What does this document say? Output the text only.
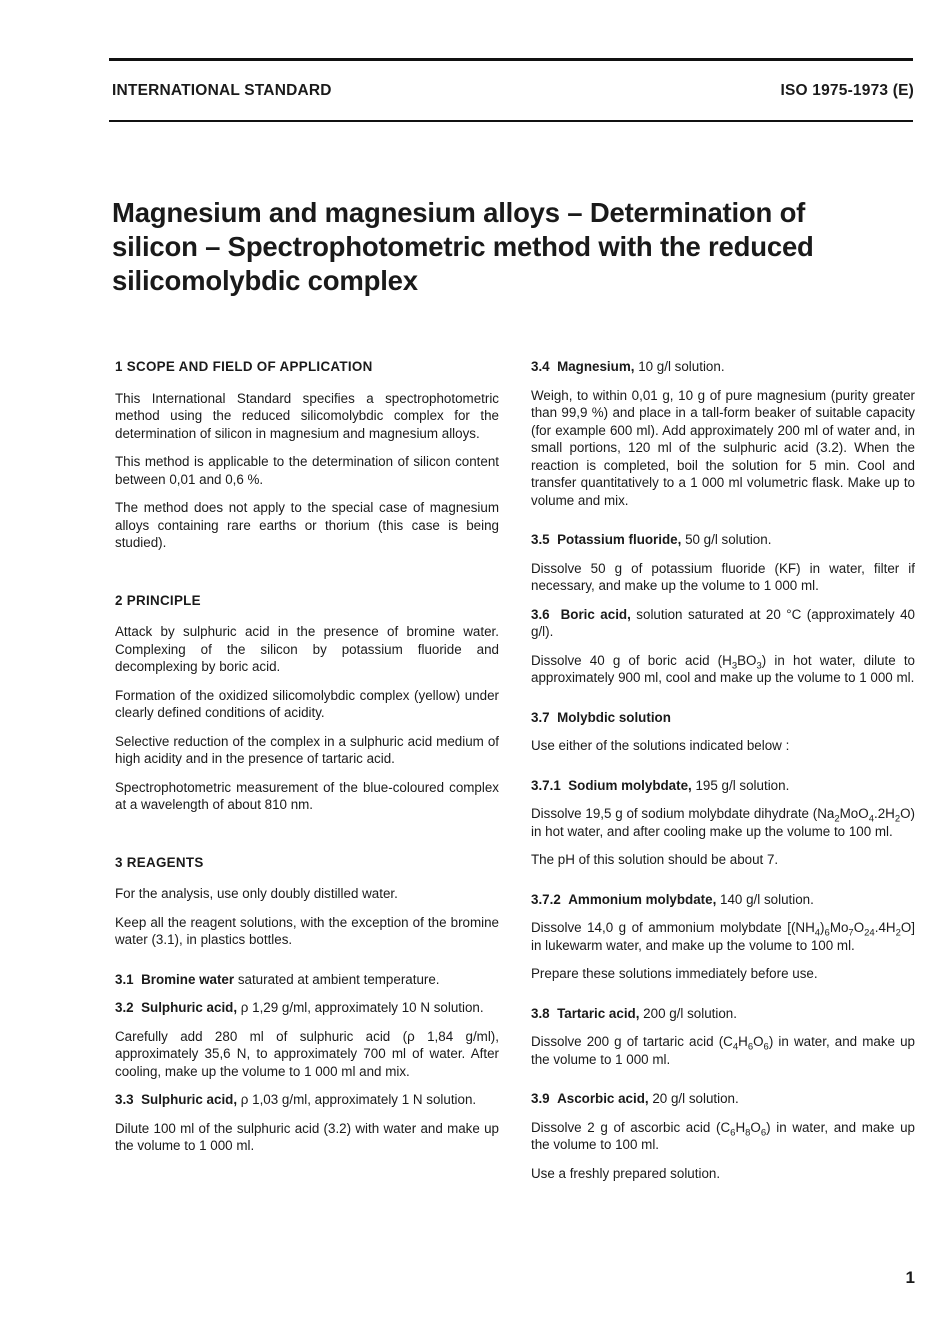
INTERNATIONAL STANDARD	ISO 1975-1973 (E)
Magnesium and magnesium alloys – Determination of silicon – Spectrophotometric method with the reduced silicomolybdic complex
1 SCOPE AND FIELD OF APPLICATION

This International Standard specifies a spectrophotometric method using the reduced silicomolybdic complex for the determination of silicon in magnesium and magnesium alloys.

This method is applicable to the determination of silicon content between 0,01 and 0,6 %.

The method does not apply to the special case of magnesium alloys containing rare earths or thorium (this case is being studied).

2 PRINCIPLE

Attack by sulphuric acid in the presence of bromine water. Complexing of the silicon by potassium fluoride and decomplexing by boric acid.

Formation of the oxidized silicomolybdic complex (yellow) under clearly defined conditions of acidity.

Selective reduction of the complex in a sulphuric acid medium of high acidity and in the presence of tartaric acid.

Spectrophotometric measurement of the blue-coloured complex at a wavelength of about 810 nm.

3 REAGENTS

For the analysis, use only doubly distilled water.

Keep all the reagent solutions, with the exception of the bromine water (3.1), in plastics bottles.

3.1 Bromine water saturated at ambient temperature.

3.2 Sulphuric acid, ρ 1,29 g/ml, approximately 10 N solution.

Carefully add 280 ml of sulphuric acid (ρ 1,84 g/ml), approximately 35,6 N, to approximately 700 ml of water. After cooling, make up the volume to 1 000 ml and mix.

3.3 Sulphuric acid, ρ 1,03 g/ml, approximately 1 N solution.

Dilute 100 ml of the sulphuric acid (3.2) with water and make up the volume to 1 000 ml.

3.4 Magnesium, 10 g/l solution.

Weigh, to within 0,01 g, 10 g of pure magnesium (purity greater than 99,9 %) and place in a tall-form beaker of suitable capacity (for example 600 ml). Add approximately 200 ml of water and, in small portions, 120 ml of the sulphuric acid (3.2). When the reaction is completed, boil the solution for 5 min. Cool and transfer quantitatively to a 1 000 ml volumetric flask. Make up to volume and mix.

3.5 Potassium fluoride, 50 g/l solution.

Dissolve 50 g of potassium fluoride (KF) in water, filter if necessary, and make up the volume to 1 000 ml.

3.6 Boric acid, solution saturated at 20 °C (approximately 40 g/l).

Dissolve 40 g of boric acid $(H_3BO_3)$ in hot water, dilute to approximately 900 ml, cool and make up the volume to 1 000 ml.

3.7 Molybdic solution

Use either of the solutions indicated below :

3.7.1 Sodium molybdate, 195 g/l solution.

Dissolve 19,5 g of sodium molybdate dihydrate $(Na_2MoO_4.2H_2O)$ in hot water, and after cooling make up the volume to 100 ml.

The pH of this solution should be about 7.

3.7.2 Ammonium molybdate, 140 g/l solution.

Dissolve 14,0 g of ammonium molybdate $[(NH_4)_6Mo_7O_{24}.4H_2O]$ in lukewarm water, and make up the volume to 100 ml.

Prepare these solutions immediately before use.

3.8 Tartaric acid, 200 g/l solution.

Dissolve 200 g of tartaric acid $(C_4H_6O_6)$ in water, and make up the volume to 1 000 ml.

3.9 Ascorbic acid, 20 g/l solution.

Dissolve 2 g of ascorbic acid $(C_6H_8O_6)$ in water, and make up the volume to 100 ml.

Use a freshly prepared solution.

1
